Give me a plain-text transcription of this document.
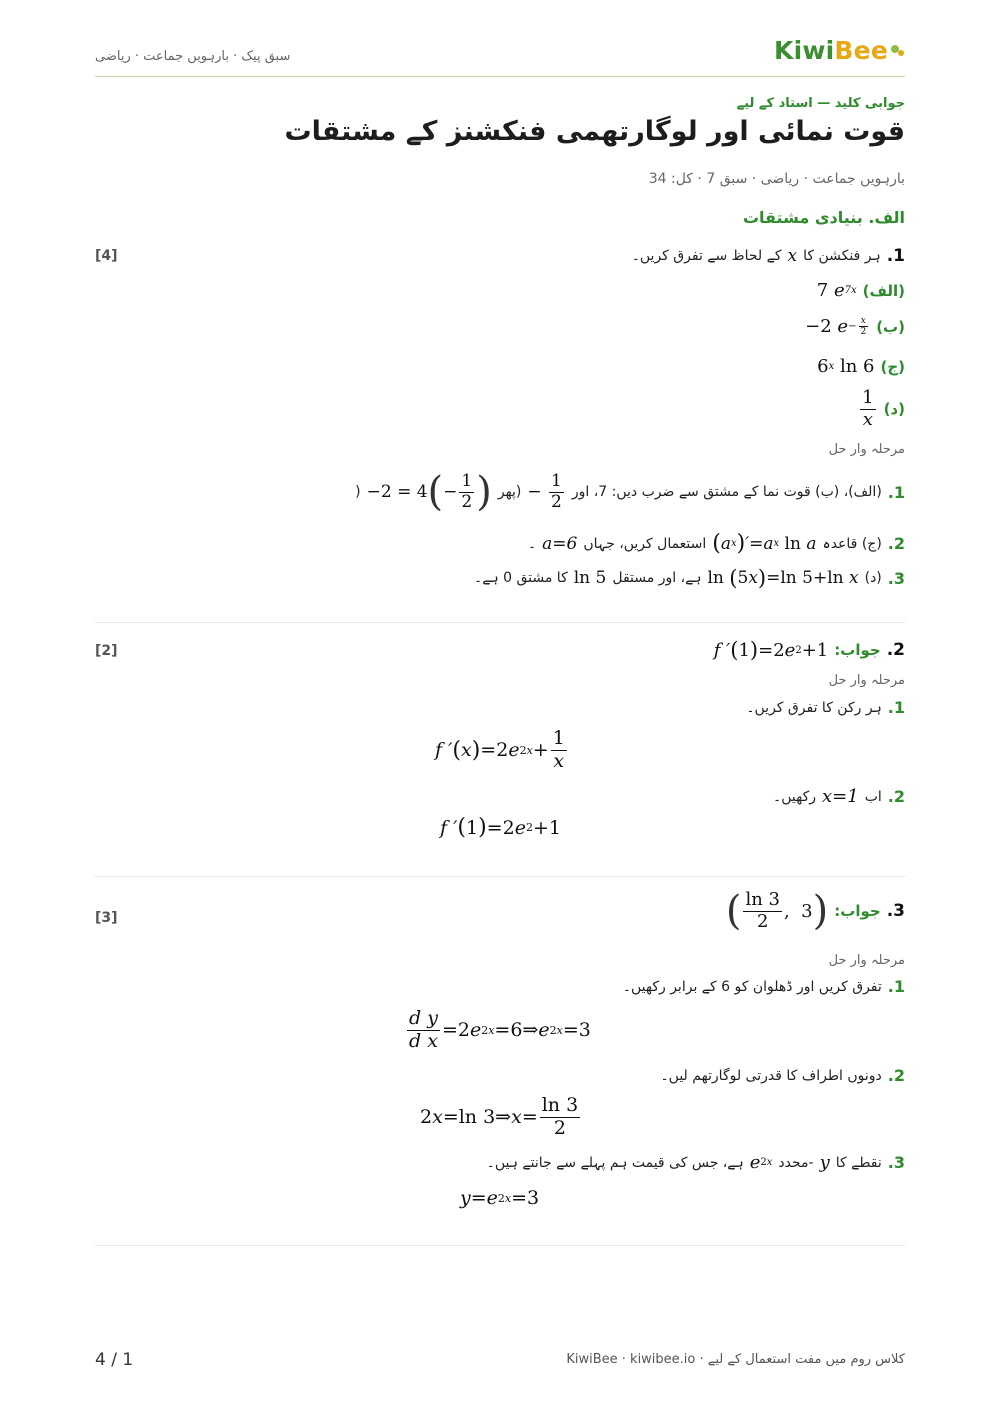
Kiwi Bee
سبق پیک · بارہویں جماعت · ریاضی
جوابی کلید — استاد کے لیے
قوت نمائی اور لوگارتھمی فنکشنز کے مشتقات
بارہویں جماعت · ریاضی · سبق 7 · کل: 34
الف. بنیادی مشتقات
[4]	1.
ہر فنکشن کا
x
کے لحاظ سے تفرق کریں۔
(الف)
7 e 7x
(ب)
−2 $e - \frac{x}{2}$
(ج)
6 x ln 6
(د)
$\frac{1}{x}$
مرحلہ وار حل
1.
(الف)، (ب) قوت نما کے مشتق سے ضرب دیں: 7، اور
−
$\frac{1}{2}$
(پھر
−2 = 4 ( − $\frac{1}{2}$ )
(
2.
(ج) قاعدہ
( a x ) ′ = a x ln a
استعمال کریں، جہاں
a=6
۔
3.
(د)
ln
( 5 x ) =ln 5+ln x
ہے، اور مستقل
ln 5
کا مشتق 0 ہے۔
[2]	2.
جواب:
f ′ ( 1 ) =2 e 2 +1
مرحلہ وار حل
1.
ہر رکن کا تفرق کریں۔
f ′ ( x ) =2 e $2x + \frac{1}{x}$
2.
اب
x=1
رکھیں۔
f ′ ( 1 ) =2 e 2 +1
[3]	3.
جواب:
( $\frac{\ln 3}{2}$ ,  3 )
مرحلہ وار حل
1.
تفرق کریں اور ڈھلوان کو 6 کے برابر رکھیں۔
$\frac{\text{d y}}{\text{d x}} =2$ e 2x =6⇒ e 2x =3
2.
دونوں اطراف کا قدرتی لوگارتھم لیں۔
2 x =ln 3⇒ $x = \frac{\ln 3}{2}$
3.
نقطے کا
y
-محدد
e 2x
ہے، جس کی قیمت ہم پہلے سے جانتے ہیں۔
y = e 2x =3
4 / 1	کلاس روم میں مفت استعمال کے لیے · KiwiBee · kiwibee.io
